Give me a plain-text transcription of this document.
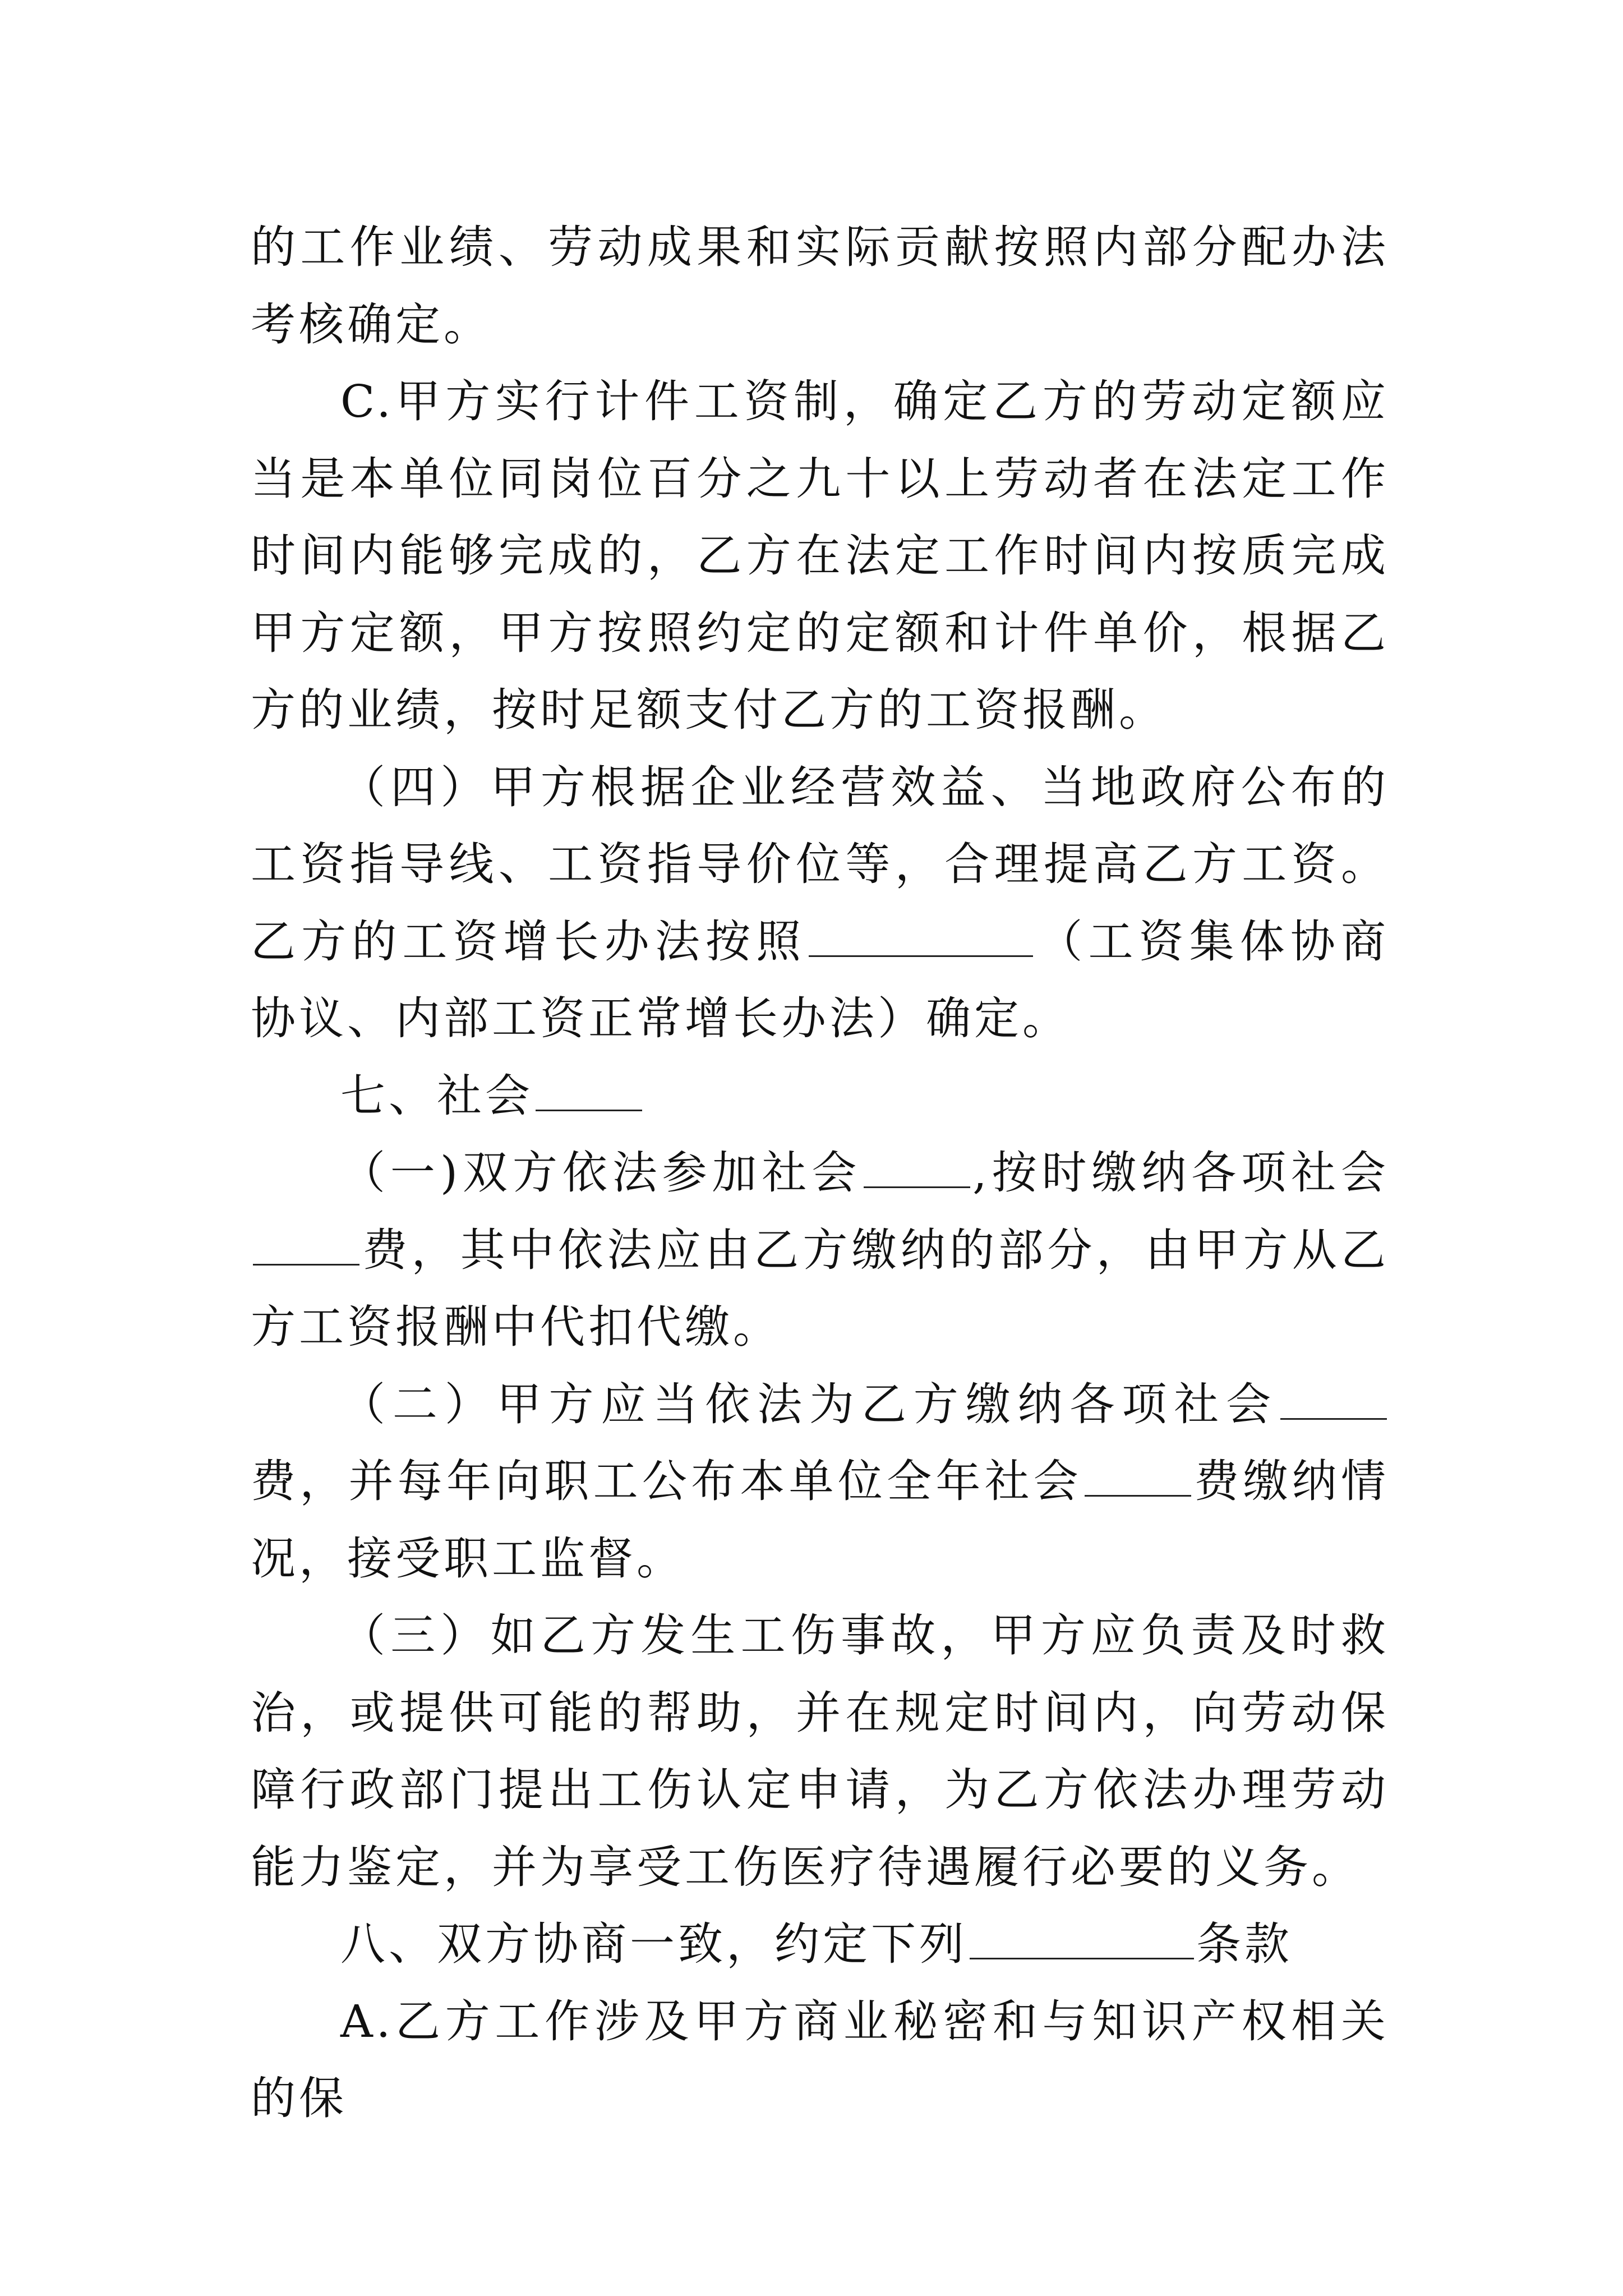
的工作业绩、劳动成果和实际贡献按照内部分配办法考核确定。

C.甲方实行计件工资制，确定乙方的劳动定额应当是本单位同岗位百分之九十以上劳动者在法定工作时间内能够完成的，乙方在法定工作时间内按质完成甲方定额，甲方按照约定的定额和计件单价，根据乙方的业绩，按时足额支付乙方的工资报酬。

（四）甲方根据企业经营效益、当地政府公布的工资指导线、工资指导价位等，合理提高乙方工资。乙方的工资增长办法按照	（工资集体协商协议、内部工资正常增长办法）确定。

七、社会

（一)双方依法参加社会 ,按时缴纳各项社会费，其中依法应由乙方缴纳的部分，由甲方从乙方工资报酬中代扣代缴。

（二）甲方应当依法为乙方缴纳各项社会费，并每年向职工公布本单位全年社会 费缴纳情况，接受职工监督。

（三）如乙方发生工伤事故，甲方应负责及时救治，或提供可能的帮助，并在规定时间内，向劳动保障行政部门提出工伤认定申请，为乙方依法办理劳动能力鉴定，并为享受工伤医疗待遇履行必要的义务。

八、双方协商一致，约定下列	条款

A.乙方工作涉及甲方商业秘密和与知识产权相关的保
